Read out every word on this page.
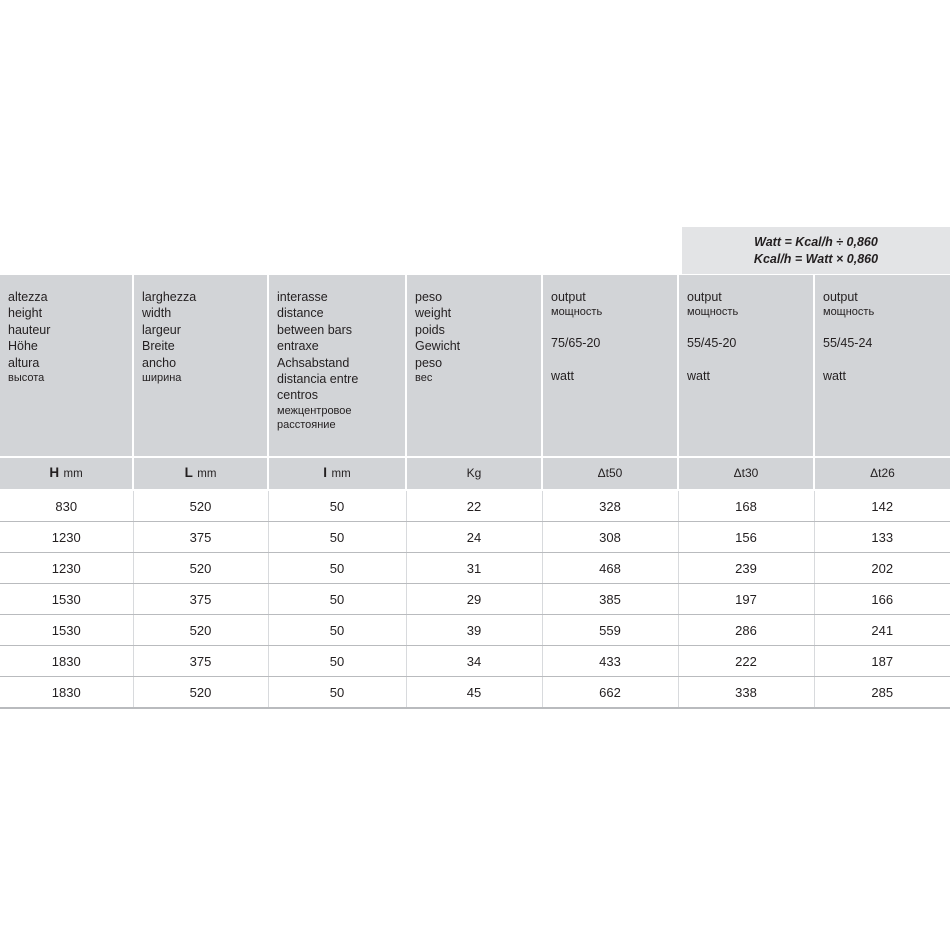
Watt = Kcal/h ÷ 0,860
Kcal/h = Watt × 0,860
altezza
height
hauteur
Höhe
altura
высота

larghezza
width
largeur
Breite
ancho
ширина

interasse
distance
between bars
entraxe
Achsabstand
distancia entre
centros
межцентровое
расстояние

peso
weight
poids
Gewicht
peso
вес

output
мощность
75/65-20
watt

output
мощность
55/45-20
watt

output
мощность
55/45-24
watt

H mm	L mm	I mm	Kg	Δt50	Δt30	Δt26
830	520	50	22	328	168	142
1230	375	50	24	308	156	133
1230	520	50	31	468	239	202
1530	375	50	29	385	197	166
1530	520	50	39	559	286	241
1830	375	50	34	433	222	187
1830	520	50	45	662	338	285
